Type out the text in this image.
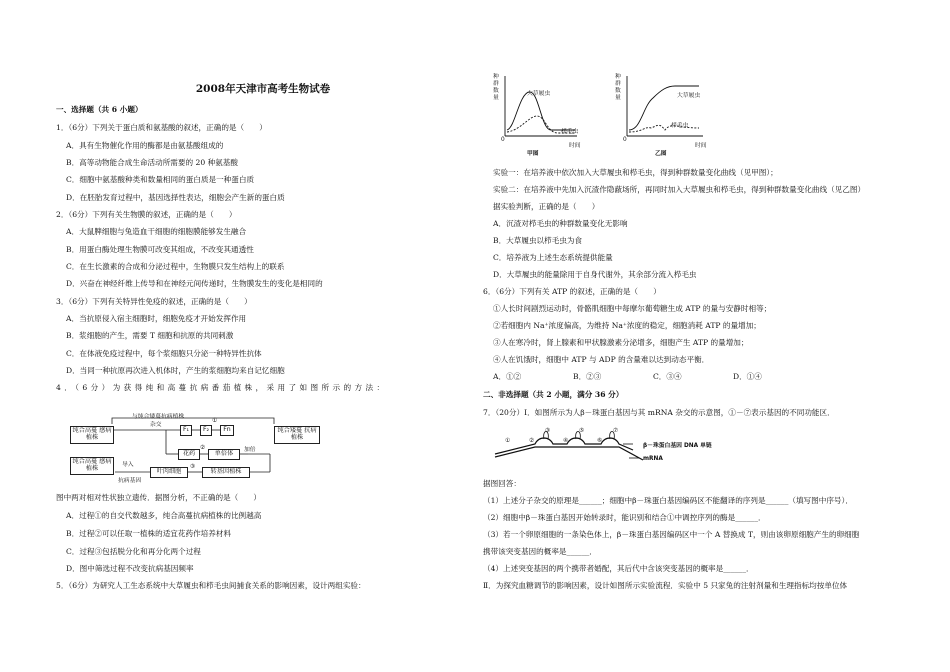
2008年天津市高考生物试卷
一、选择题（共 6 小题）
1．（6分）下列关于蛋白质和氨基酸的叙述，正确的是（　　）
A．具有生物催化作用的酶都是由氨基酸组成的
B．高等动物能合成生命活动所需要的 20 种氨基酸
C．细胞中氨基酸种类和数量相同的蛋白质是一种蛋白质
D．在胚胎发育过程中，基因选择性表达，细胞会产生新的蛋白质
2．（6分）下列有关生物膜的叙述，正确的是（　　）
A．大鼠脾细胞与兔造血干细胞的细胞膜能够发生融合
B．用蛋白酶处理生物膜可改变其组成，不改变其通透性
C．在生长激素的合成和分泌过程中，生物膜只发生结构上的联系
D．兴奋在神经纤维上传导和在神经元间传递时，生物膜发生的变化是相同的
3．（6分）下列有关特异性免疫的叙述，正确的是（　　）
A．当抗原侵入宿主细胞时，细胞免疫才开始发挥作用
B．浆细胞的产生，需要 T 细胞和抗原的共同刺激
C．在体液免疫过程中，每个浆细胞只分泌一种特异性抗体
D．当同一种抗原再次进入机体时，产生的浆细胞均来自记忆细胞
4．（6分）为获得纯和高蔓抗病番茄植株，采用了如图所示的方法：
纯合高蔓 感病植株
纯合矮蔓 抗病植株
与纯合矮蔓抗病植株
杂交
F₁	F₂	Fn
①
花药
②
单倍体	加倍
导入
抗病基因
叶肉细胞
③
转基因植株
纯合高蔓 感病植株
图中两对相对性状独立遗传．据图分析，不正确的是（　　）
A．过程①的自交代数越多，纯合高蔓抗病植株的比例越高
B．过程②可以任取一植株的适宜花药作培养材料
C．过程③包括脱分化和再分化两个过程
D．图中筛选过程不改变抗病基因频率
5．（6分）为研究人工生态系统中大草履虫和栉毛虫间捕食关系的影响因素，设计两组实验：
种群数量
种群数量
0	0
时间	时间
大草履虫
栉毛虫
大草履虫
栉毛虫
甲图	乙图
实验一：在培养液中依次加入大草履虫和栉毛虫，得到种群数量变化曲线（见甲图）；
实验二：在培养液中先加入沉渣作隐蔽场所，再同时加入大草履虫和栉毛虫，得到种群数量变化曲线（见乙图）
据实验判断，正确的是（　　）
A．沉渣对栉毛虫的种群数量变化无影响
B．大草履虫以栉毛虫为食
C．培养液为上述生态系统提供能量
D．大草履虫的能量除用于自身代谢外，其余部分流入栉毛虫
6．（6分）下列有关 ATP 的叙述，正确的是（　　）
①人长时间剧烈运动时，骨骼肌细胞中每摩尔葡萄糖生成 ATP 的量与安静时相等；
②若细胞内 Na⁺浓度偏高，为维持 Na⁺浓度的稳定，细胞消耗 ATP 的量增加；
③人在寒冷时，肾上腺素和甲状腺激素分泌增多，细胞产生 ATP 的量增加；
④人在饥饿时，细胞中 ATP 与 ADP 的含量难以达到动态平衡．
A．①②	B．②③	C．③④	D．①④
二、非选择题（共 2 小题，满分 36 分）
7．（20分）Ⅰ．如图所示为人β－珠蛋白基因与其 mRNA 杂交的示意图，①－⑦表示基因的不同功能区．
①	②
③
④
⑤
⑥
⑦
β－珠蛋白基因 DNA 单链
mRNA
据图回答：
（1）上述分子杂交的原理是______；细胞中β－珠蛋白基因编码区不能翻译的序列是______（填写图中序号）．
（2）细胞中β－珠蛋白基因开始转录时，能识别和结合①中调控序列的酶是______．
（3）若一个卵原细胞的一条染色体上，β－珠蛋白基因编码区中一个 A 替换成 T，则由该卵原细胞产生的卵细胞
携带该突变基因的概率是______．
（4）上述突变基因的两个携带者婚配，其后代中含该突变基因的概率是______．
Ⅱ．为探究血糖调节的影响因素，设计如图所示实验流程．实验中 5 只家兔的注射剂量和生理指标均按单位体
